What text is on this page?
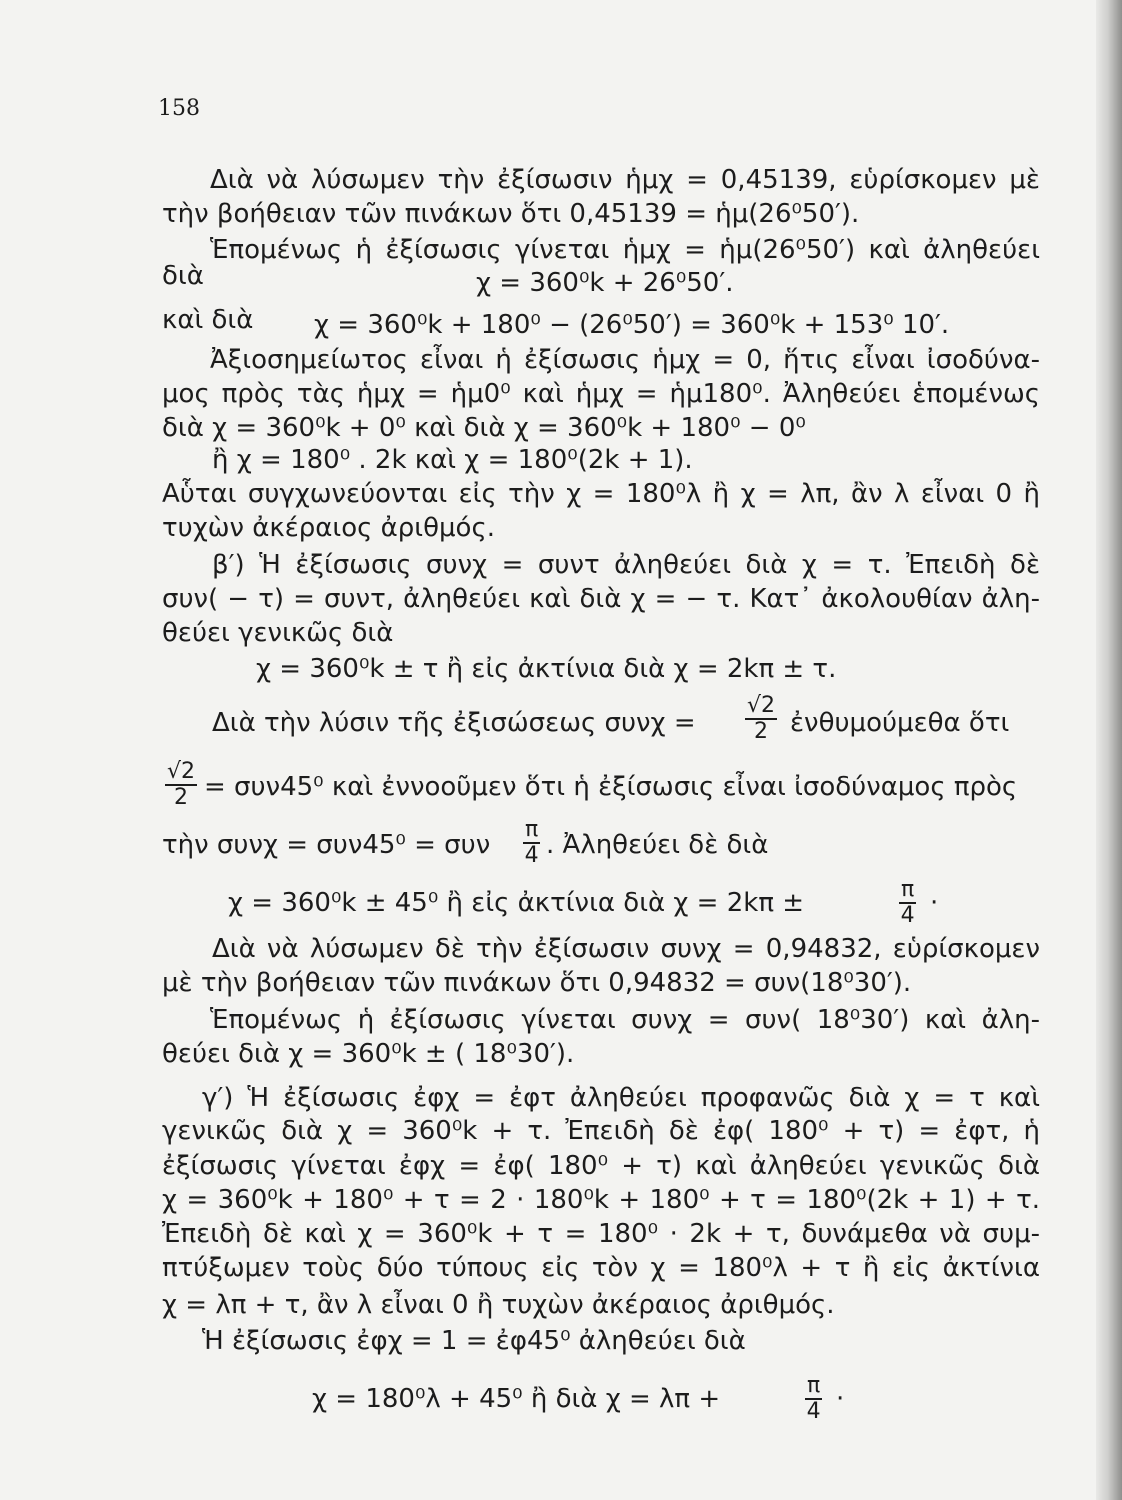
158
Διὰ νὰ λύσωμεν τὴν ἐξίσωσιν ἡμχ = 0,45139, εὑρίσκομεν μὲ
τὴν βοήθειαν τῶν πινάκων ὅτι 0,45139 = ἡμ(26⁰50′).
Ἑπομένως ἡ ἐξίσωσις γίνεται ἡμχ = ἡμ(26⁰50′) καὶ ἀληθεύει
διὰ	χ = 360⁰k + 26⁰50′.
καὶ διὰ χ = 360⁰k + 180⁰ − (26⁰50′) = 360⁰k + 153⁰ 10′.
Ἀξιοσημείωτος εἶναι ἡ ἐξίσωσις ἡμχ = 0, ἥτις εἶναι ἰσοδύνα-
μος πρὸς τὰς ἡμχ = ἡμ0⁰ καὶ ἡμχ = ἡμ180⁰. Ἀληθεύει ἑπομένως
διὰ χ = 360⁰k + 0⁰ καὶ διὰ χ = 360⁰k + 180⁰ − 0⁰
ἢ χ = 180⁰ . 2k καὶ χ = 180⁰(2k + 1).
Αὗται συγχωνεύονται εἰς τὴν χ = 180⁰λ ἢ χ = λπ, ἂν λ εἶναι 0 ἢ
τυχὼν ἀκέραιος ἀριθμός.
β′) Ἡ ἐξίσωσις συνχ = συντ ἀληθεύει διὰ χ = τ. Ἐπειδὴ δὲ
συν( − τ) = συντ, ἀληθεύει καὶ διὰ χ = − τ. Κατ᾿ ἀκολουθίαν ἀλη-
θεύει γενικῶς διὰ
χ = 360⁰k ± τ ἢ εἰς ἀκτίνια διὰ χ = 2kπ ± τ.
Διὰ τὴν λύσιν τῆς ἐξισώσεως $\sigma\upsilon\nu\chi = \frac{√2}{2}$ ἐνθυμούμεθα ὅτι
$\frac{√2}{2} = \sigma\upsilon\nu 45^0$ καὶ ἐννοοῦμεν ὅτι ἡ ἐξίσωσις εἶναι ἰσοδύναμος πρὸς
τὴν συνχ = συν45⁰ = συν $\frac{\pi}{4}$ . Ἀληθεύει δὲ διὰ
χ = 360⁰k ± 45⁰ ἢ εἰς ἀκτίνια διὰ χ = 2kπ ±	$\frac{\pi}{4}$ ·
Διὰ νὰ λύσωμεν δὲ τὴν ἐξίσωσιν συνχ = 0,94832, εὑρίσκομεν
μὲ τὴν βοήθειαν τῶν πινάκων ὅτι 0,94832 = συν(18⁰30′).
Ἑπομένως ἡ ἐξίσωσις γίνεται συνχ = συν( 18⁰30′) καὶ ἀλη-
θεύει διὰ χ = 360⁰k ± ( 18⁰30′).
γ′) Ἡ ἐξίσωσις ἐφχ = ἐφτ ἀληθεύει προφανῶς διὰ χ = τ καὶ
γενικῶς διὰ χ = 360⁰k + τ. Ἐπειδὴ δὲ ἐφ( 180⁰ + τ) = ἐφτ, ἡ
ἐξίσωσις γίνεται ἐφχ = ἐφ( 180⁰ + τ) καὶ ἀληθεύει γενικῶς διὰ
χ = 360⁰k + 180⁰ + τ = 2 · 180⁰k + 180⁰ + τ = 180⁰(2k + 1) + τ.
Ἐπειδὴ δὲ καὶ χ = 360⁰k + τ = 180⁰ · 2k + τ, δυνάμεθα νὰ συμ-
πτύξωμεν τοὺς δύο τύπους εἰς τὸν χ = 180⁰λ + τ ἢ εἰς ἀκτίνια
χ = λπ + τ, ἂν λ εἶναι 0 ἢ τυχὼν ἀκέραιος ἀριθμός.
Ἡ ἐξίσωσις ἐφχ = 1 = ἐφ45⁰ ἀληθεύει διὰ
χ = 180⁰λ + 45⁰ ἢ διὰ χ = λπ +	$\frac{\pi}{4}$ ·
